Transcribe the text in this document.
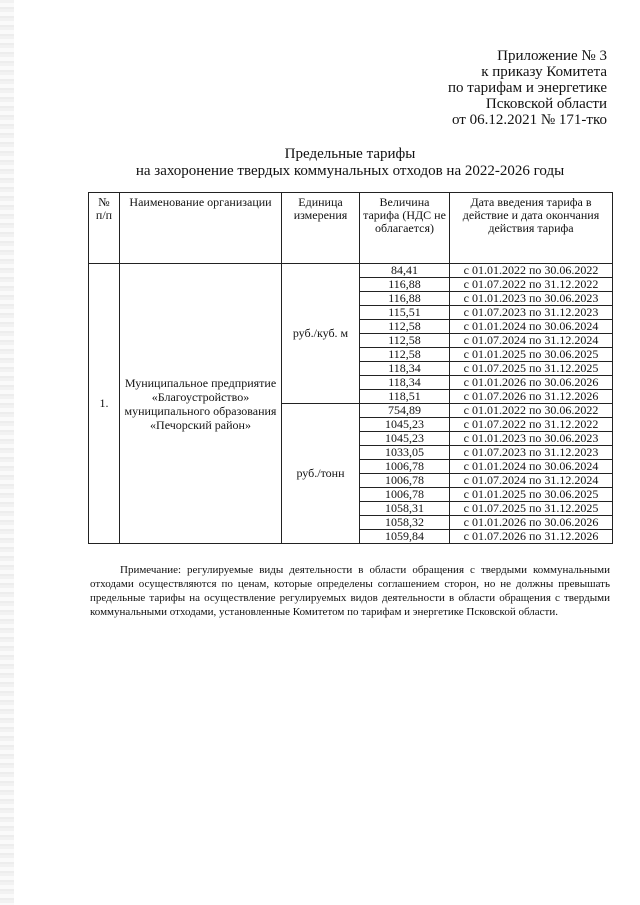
Приложение № 3
к приказу Комитета
по тарифам и энергетике
Псковской области
от 06.12.2021 № 171-тко
Предельные тарифы
на захоронение твердых коммунальных отходов на 2022-2026 годы
№ п/п	Наименование организации	Единица измерения	Величина тарифа (НДС не облагается)	Дата введения тарифа в действие и дата окончания действия тарифа
1.	Муниципальное предприятие «Благоустройство» муниципального образования «Печорский район»	руб./куб. м	84,41	с 01.01.2022 по 30.06.2022
			116,88	с 01.07.2022 по 31.12.2022
			116,88	с 01.01.2023 по 30.06.2023
			115,51	с 01.07.2023 по 31.12.2023
			112,58	с 01.01.2024 по 30.06.2024
			112,58	с 01.07.2024 по 31.12.2024
			112,58	с 01.01.2025 по 30.06.2025
			118,34	с 01.07.2025 по 31.12.2025
			118,34	с 01.01.2026 по 30.06.2026
			118,51	с 01.07.2026 по 31.12.2026
		руб./тонн	754,89	с 01.01.2022 по 30.06.2022
			1045,23	с 01.07.2022 по 31.12.2022
			1045,23	с 01.01.2023 по 30.06.2023
			1033,05	с 01.07.2023 по 31.12.2023
			1006,78	с 01.01.2024 по 30.06.2024
			1006,78	с 01.07.2024 по 31.12.2024
			1006,78	с 01.01.2025 по 30.06.2025
			1058,31	с 01.07.2025 по 31.12.2025
			1058,32	с 01.01.2026 по 30.06.2026
			1059,84	с 01.07.2026 по 31.12.2026
Примечание: регулируемые виды деятельности в области обращения с твердыми коммунальными отходами осуществляются по ценам, которые определены соглашением сторон, но не должны превышать предельные тарифы на осуществление регулируемых видов деятельности в области обращения с твердыми коммунальными отходами, установленные Комитетом по тарифам и энергетике Псковской области.
